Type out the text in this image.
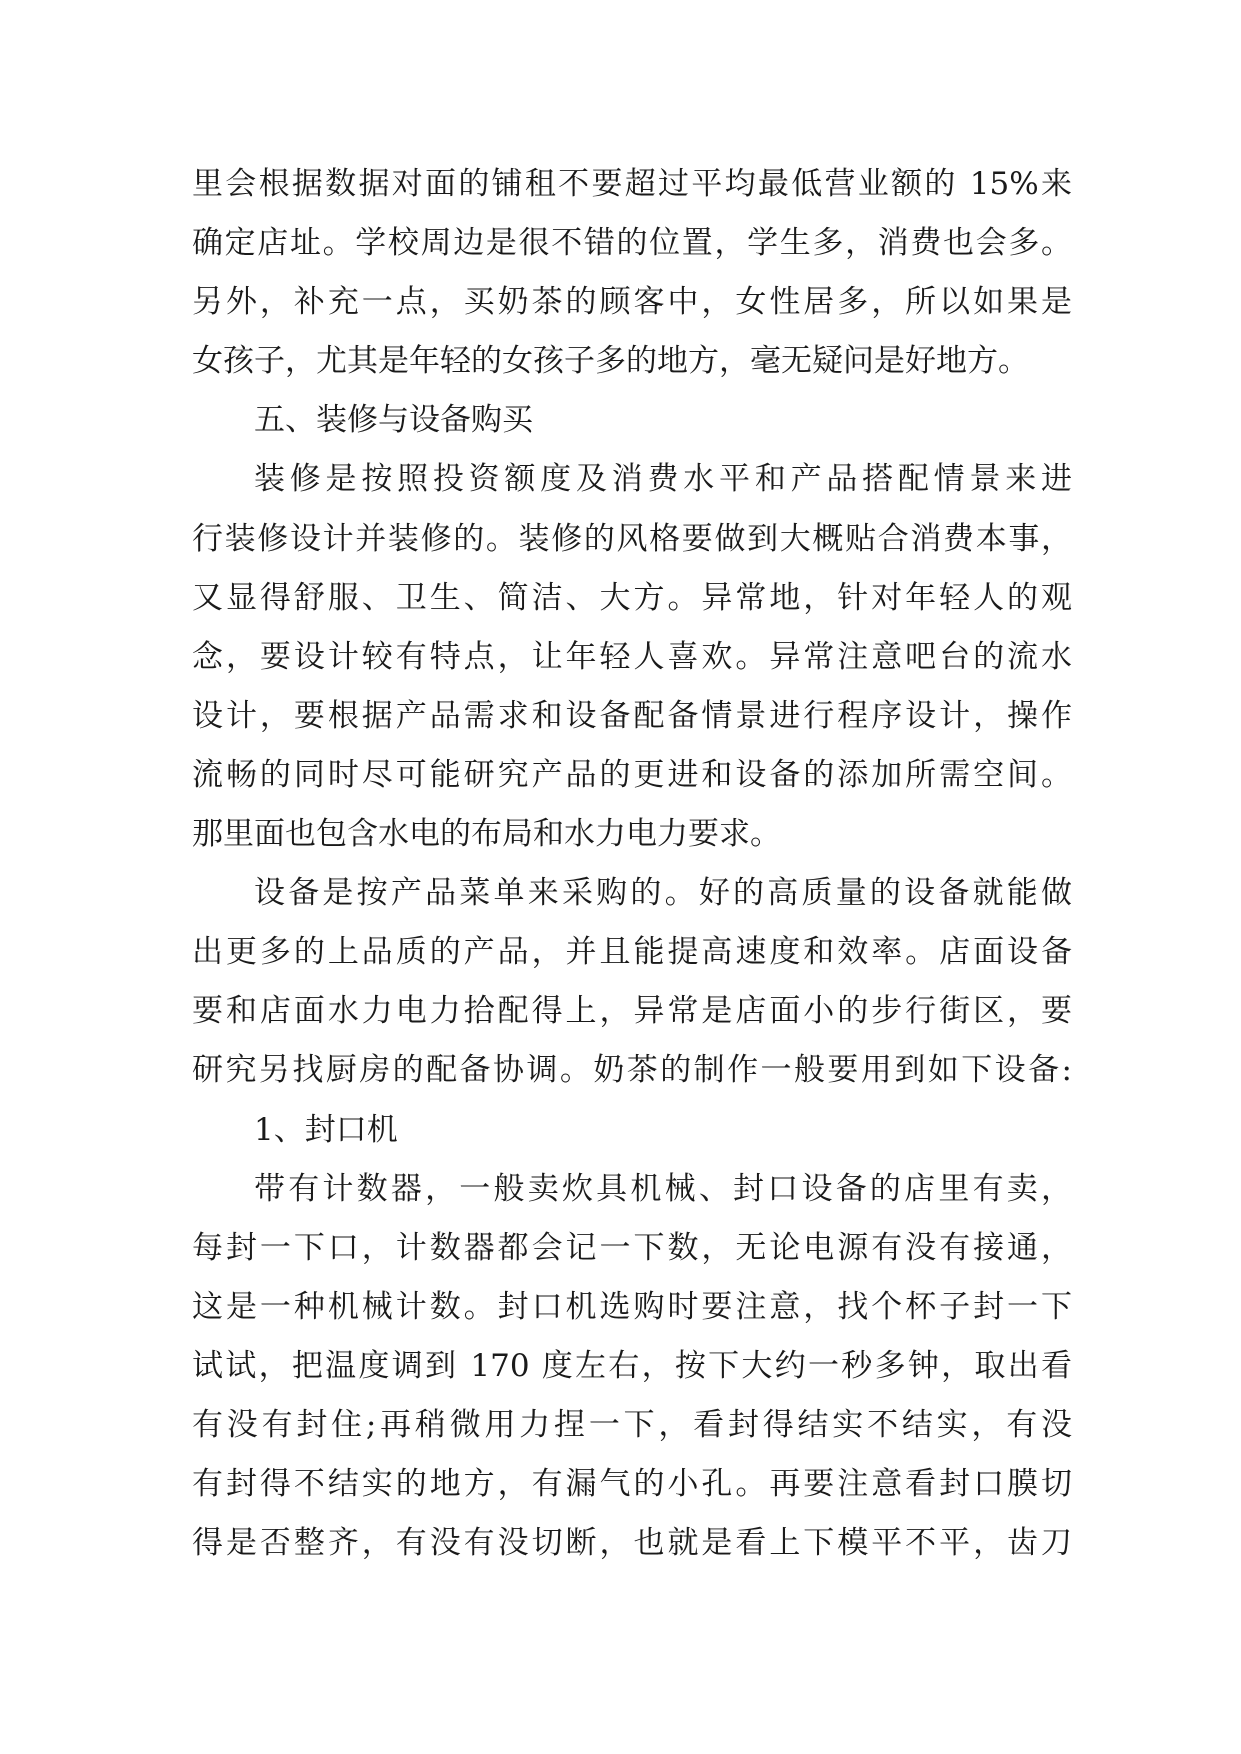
里会根据数据对面的铺租不要超过平均最低营业额的 15%来
确定店址。学校周边是很不错的位置，学生多，消费也会多。
另外，补充一点，买奶茶的顾客中，女性居多，所以如果是
女孩子，尤其是年轻的女孩子多的地方，毫无疑问是好地方。
五、装修与设备购买
装修是按照投资额度及消费水平和产品搭配情景来进
行装修设计并装修的。装修的风格要做到大概贴合消费本事，
又显得舒服、卫生、简洁、大方。异常地，针对年轻人的观
念，要设计较有特点，让年轻人喜欢。异常注意吧台的流水
设计，要根据产品需求和设备配备情景进行程序设计，操作
流畅的同时尽可能研究产品的更进和设备的添加所需空间。
那里面也包含水电的布局和水力电力要求。
设备是按产品菜单来采购的。好的高质量的设备就能做
出更多的上品质的产品，并且能提高速度和效率。店面设备
要和店面水力电力拾配得上，异常是店面小的步行街区，要
研究另找厨房的配备协调。奶茶的制作一般要用到如下设备:
1、封口机
带有计数器，一般卖炊具机械、封口设备的店里有卖，
每封一下口，计数器都会记一下数，无论电源有没有接通，
这是一种机械计数。封口机选购时要注意，找个杯子封一下
试试，把温度调到 170 度左右，按下大约一秒多钟，取出看
有没有封住;再稍微用力捏一下，看封得结实不结实，有没
有封得不结实的地方，有漏气的小孔。再要注意看封口膜切
得是否整齐，有没有没切断，也就是看上下模平不平，齿刀
